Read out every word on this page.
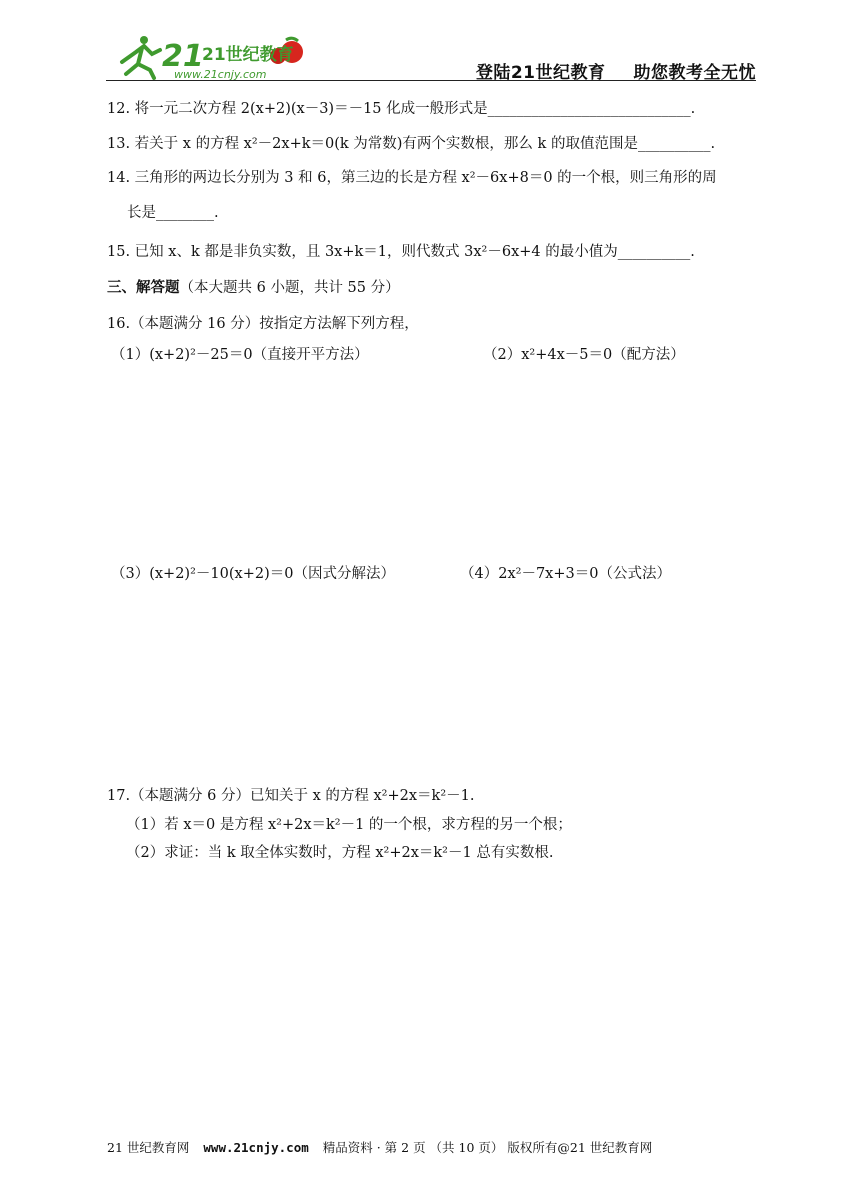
21
21世纪教育
www.21cnjy.com	登陆21世纪教育 助您教考全无忧
12. 将一元二次方程 2(x+2)(x－3)＝－15 化成一般形式是____________________________.
13. 若关于 x 的方程 x²－2x+k＝0(k 为常数)有两个实数根，那么 k 的取值范围是__________.
14. 三角形的两边长分别为 3 和 6，第三边的长是方程 x²－6x+8＝0 的一个根，则三角形的周
长是________.
15. 已知 x、k 都是非负实数，且 3x+k＝1，则代数式 3x²－6x+4 的最小值为__________.
三、解答题（本大题共 6 小题，共计 55 分）
16.（本题满分 16 分）按指定方法解下列方程，
（1）(x+2)²－25＝0（直接开平方法）	（2）x²+4x－5＝0（配方法）
（3）(x+2)²－10(x+2)＝0（因式分解法）	（4）2x²－7x+3＝0（公式法）
17.（本题满分 6 分）已知关于 x 的方程 x²+2x＝k²－1.
（1）若 x＝0 是方程 x²+2x＝k²－1 的一个根，求方程的另一个根；
（2）求证：当 k 取全体实数时，方程 x²+2x＝k²－1 总有实数根.
21 世纪教育网 www.21cnjy.com 精品资料 · 第 2 页 （共 10 页） 版权所有@21 世纪教育网
